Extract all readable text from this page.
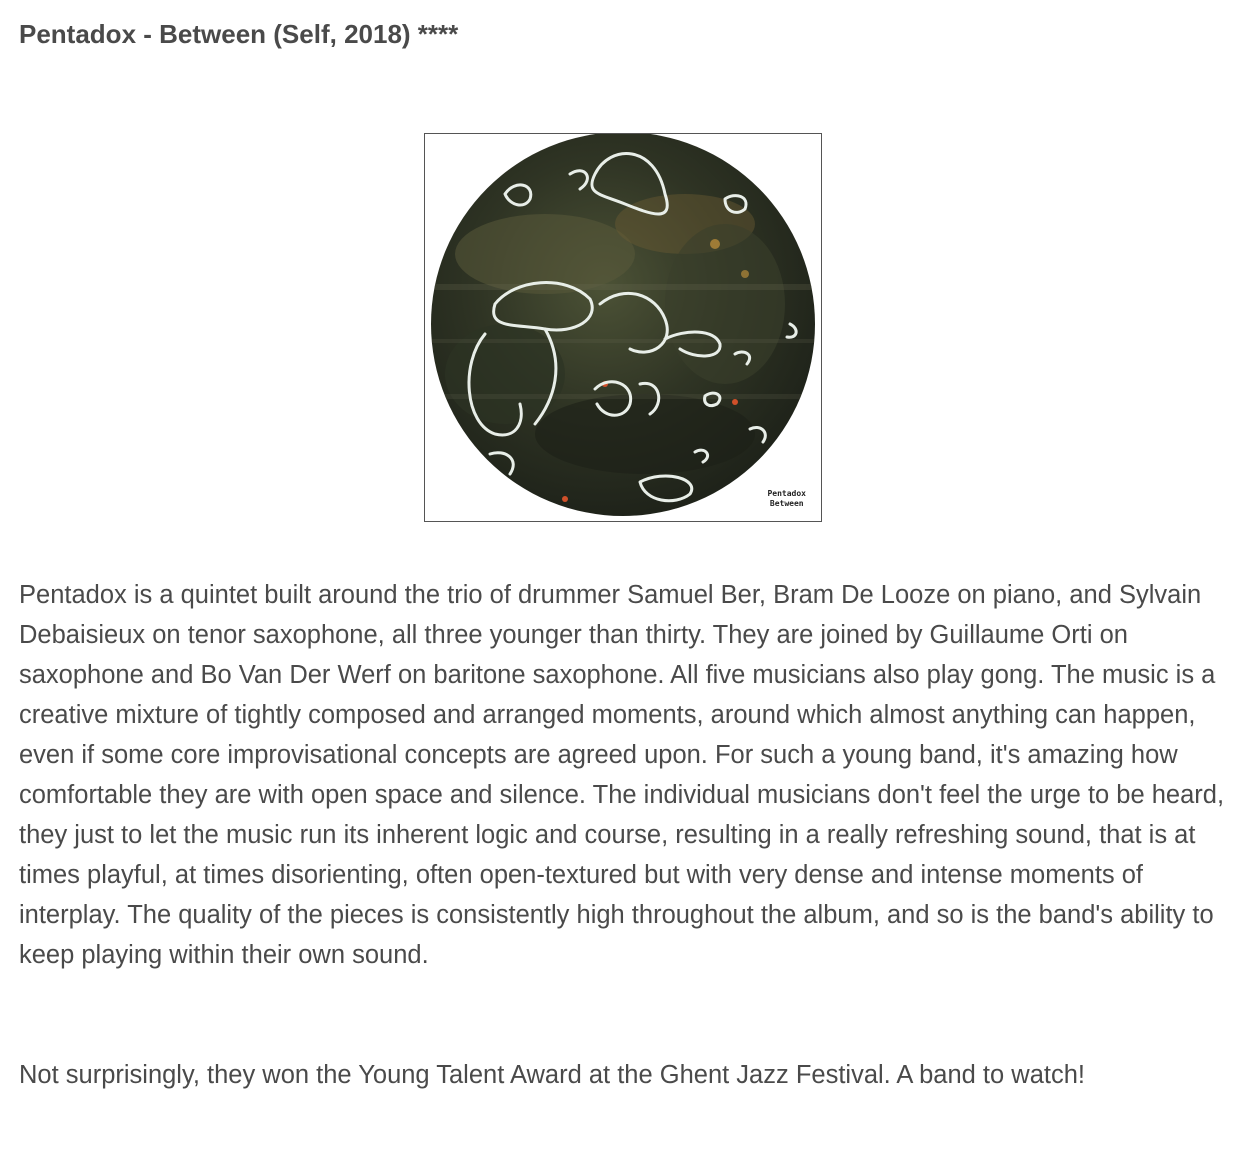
Pentadox - Between (Self, 2018) ****
Pentadox
Between

Pentadox is a quintet built around the trio of drummer Samuel Ber, Bram De Looze on piano, and Sylvain Debaisieux on tenor saxophone, all three younger than thirty. They are joined by Guillaume Orti on saxophone and Bo Van Der Werf on baritone saxophone. All five musicians also play gong. The music is a creative mixture of tightly composed and arranged moments, around which almost anything can happen, even if some core improvisational concepts are agreed upon. For such a young band, it's amazing how comfortable they are with open space and silence. The individual musicians don't feel the urge to be heard, they just to let the music run its inherent logic and course, resulting in a really refreshing sound, that is at times playful, at times disorienting, often open-textured but with very dense and intense moments of interplay. The quality of the pieces is consistently high throughout the album, and so is the band's ability to keep playing within their own sound.

Not surprisingly, they won the Young Talent Award at the Ghent Jazz Festival. A band to watch!
